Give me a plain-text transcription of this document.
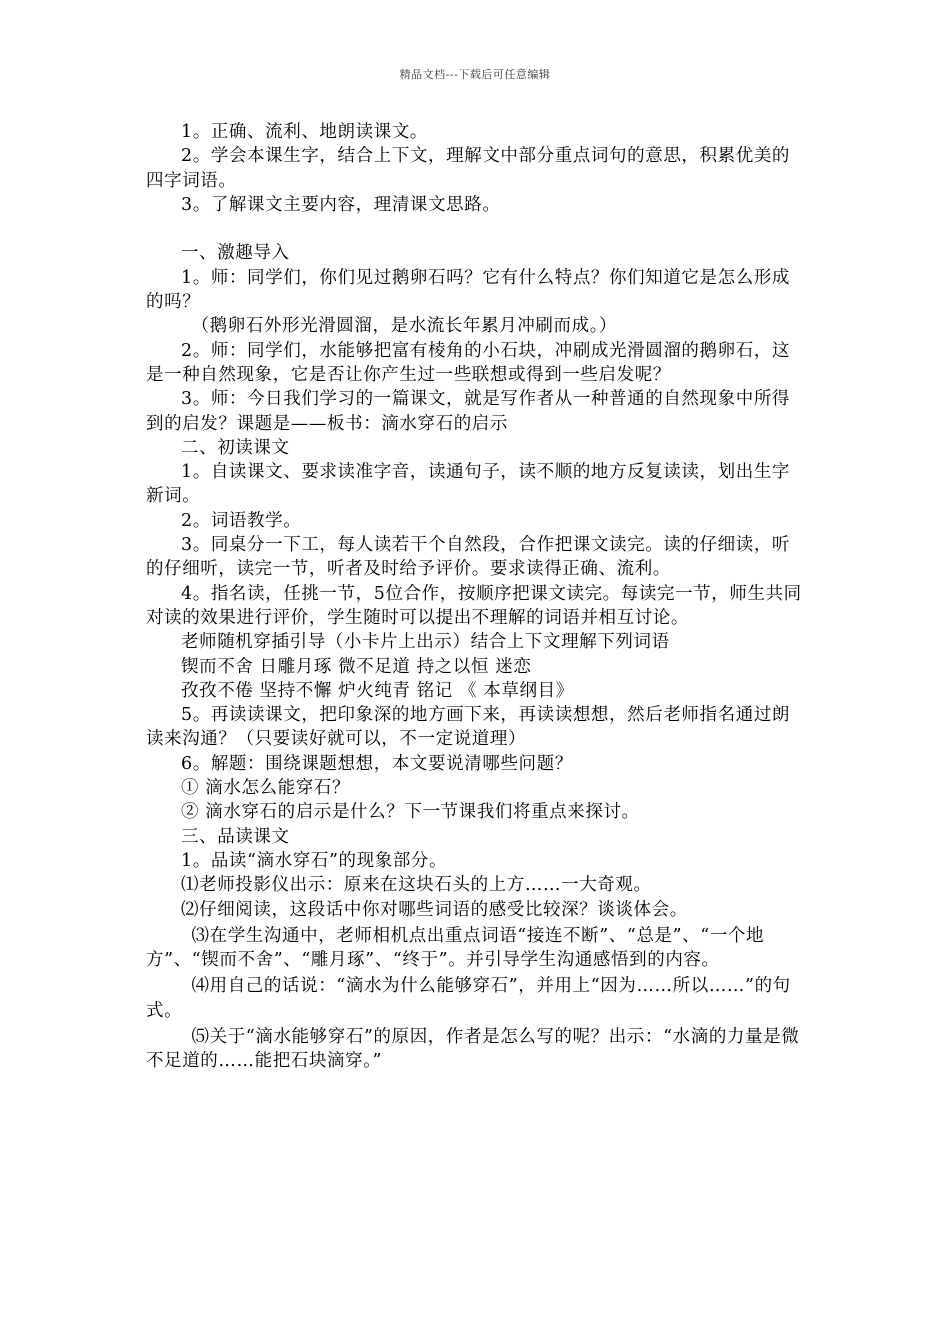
精品文档---下载后可任意编辑

1。正确、流利、地朗读课文。

2。学会本课生字，结合上下文，理解文中部分重点词句的意思，积累优美的四字词语。

3。了解课文主要内容，理清课文思路。

一、激趣导入

1。师：同学们，你们见过鹅卵石吗？它有什么特点？你们知道它是怎么形成的吗？

（鹅卵石外形光滑圆溜，是水流长年累月冲刷而成。）

2。师：同学们，水能够把富有棱角的小石块，冲刷成光滑圆溜的鹅卵石，这是一种自然现象，它是否让你产生过一些联想或得到一些启发呢？

3。师：今日我们学习的一篇课文，就是写作者从一种普通的自然现象中所得到的启发？课题是——板书：滴水穿石的启示

二、初读课文

1。自读课文、要求读准字音，读通句子，读不顺的地方反复读读，划出生字新词。

2。词语教学。

3。同桌分一下工，每人读若干个自然段，合作把课文读完。读的仔细读，听的仔细听，读完一节，听者及时给予评价。要求读得正确、流利。

4。指名读，任挑一节，5位合作，按顺序把课文读完。每读完一节，师生共同对读的效果进行评价，学生随时可以提出不理解的词语并相互讨论。

老师随机穿插引导（小卡片上出示）结合上下文理解下列词语

锲而不舍 日雕月琢 微不足道 持之以恒 迷恋

孜孜不倦 坚持不懈 炉火纯青 铭记 《 本草纲目》

5。再读读课文，把印象深的地方画下来，再读读想想，然后老师指名通过朗读来沟通？（只要读好就可以，不一定说道理）

6。解题：围绕课题想想，本文要说清哪些问题？

① 滴水怎么能穿石？

② 滴水穿石的启示是什么？下一节课我们将重点来探讨。

三、品读课文

1。品读“滴水穿石”的现象部分。

⑴老师投影仪出示：原来在这块石头的上方……一大奇观。

⑵仔细阅读，这段话中你对哪些词语的感受比较深？谈谈体会。

⑶在学生沟通中，老师相机点出重点词语“接连不断”、“总是”、“一个地方”、“锲而不舍”、“雕月琢”、“终于”。并引导学生沟通感悟到的内容。

⑷用自己的话说：“滴水为什么能够穿石”，并用上“因为……所以……”的句式。

⑸关于“滴水能够穿石”的原因，作者是怎么写的呢？出示：“水滴的力量是微不足道的……能把石块滴穿。”
